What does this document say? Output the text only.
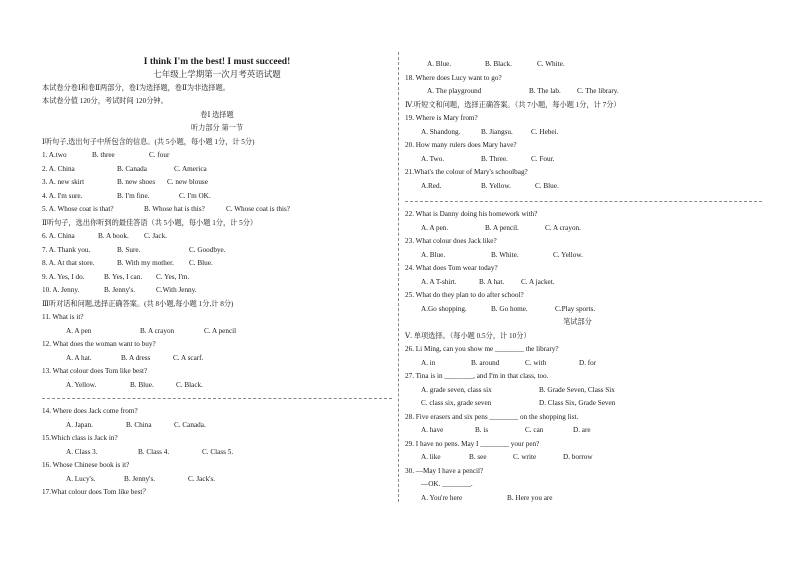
I think I'm the best! I must succeed!
七年级上学期第一次月考英语试题
本试卷分卷Ⅰ和卷Ⅱ两部分，卷Ⅰ为选择题，卷Ⅱ为非选择题。
本试卷分值 120分，考试时间 120分钟。
卷Ⅰ 选择题
听力部分 第一节
Ⅰ听句子,选出句子中所包含的信息。(共 5小题，每小题 1分，计 5分)
1. A.two	B. three	C. four
2. A. China	B. Canada	C. America
3. A. new skirt	B. new shoes C. new blouse
4. A. I'm sure.	B. I'm fine.	C. I'm OK.
5. A. Whose coat is that?	B. Whose hat is this?	C. Whose coat is this?
Ⅱ听句子，选出你听到的最佳答语（共 5小题，每小题 1分，计 5分）
6. A. China	B. A book. C. Jack.
7. A. Thank you.	B. Sure.	C. Goodbye.
8. A. At that store.	B. With my mother. C. Blue.
9. A. Yes, I do.	B. Yes, I can. C. Yes, I'm.
10. A. Jenny.	B. Jenny's.	C.With Jenny.
Ⅲ听对话和问题,选择正确答案。(共 8小题,每小题 1分,计 8分)
11. What is it?
A. A pen	B. A crayon	C. A pencil
12. What does the woman want to buy?
A. A hat.	B. A dress	C. A scarf.
13. What colour does Tom like best?
A. Yellow.	B. Blue.	C. Black.
14. Where does Jack come from?
A. Japan.	B. China	C. Canada.
15.Which class is Jack in?
A. Class 3.	B. Class 4.	C. Class 5.
16. Whose Chinese book is it?
A. Lucy's.	B. Jenny's.	C. Jack's.
17.What colour does Tom like best？
A. Blue.	B. Black.	C. White.
18. Where does Lucy want to go?
A. The playground	B. The lab. C. The library.
Ⅳ.听短文和问题，选择正确答案。（共 7小题，每小题 1分，计 7分）
19. Where is Mary from?
A. Shandong.	B. Jiangsu.	C. Hebei.
20. How many rulers does Mary have?
A. Two.	B. Three.	C. Four.
21.What's the colour of Mary's schoolbag?
A.Red.	B. Yellow.	C. Blue.
22. What is Danny doing his homework with?
A. A pen.	B. A pencil.	C. A crayon.
23. What colour does Jack like?
A. Blue.	B. White.	C. Yellow.
24. What does Tom wear today?
A. A T-shirt.	B. A hat. C. A jacket.
25. What do they plan to do after school?
A.Go shopping.	B. Go home.	C.Play sports.
笔试部分
Ⅴ. 单项选择。（每小题 0.5分，计 10分）
26. Li Ming, can you show me ________ the library?
A. in	B. around	C. with	D. for
27. Tina is in ________, and I'm in that class, too.
A. grade seven, class six	B. Grade Seven, Class Six
C. class six, grade seven	D. Class Six, Grade Seven
28. Five erasers and six pens ________ on the shopping list.
A. have	B. is	C. can	D. are
29. I have no pens. May I ________ your pen?
A. like	B. see	C. write	D. borrow
30. —May I have a pencil?
—OK. ________.
A. You're here	B. Here you are
